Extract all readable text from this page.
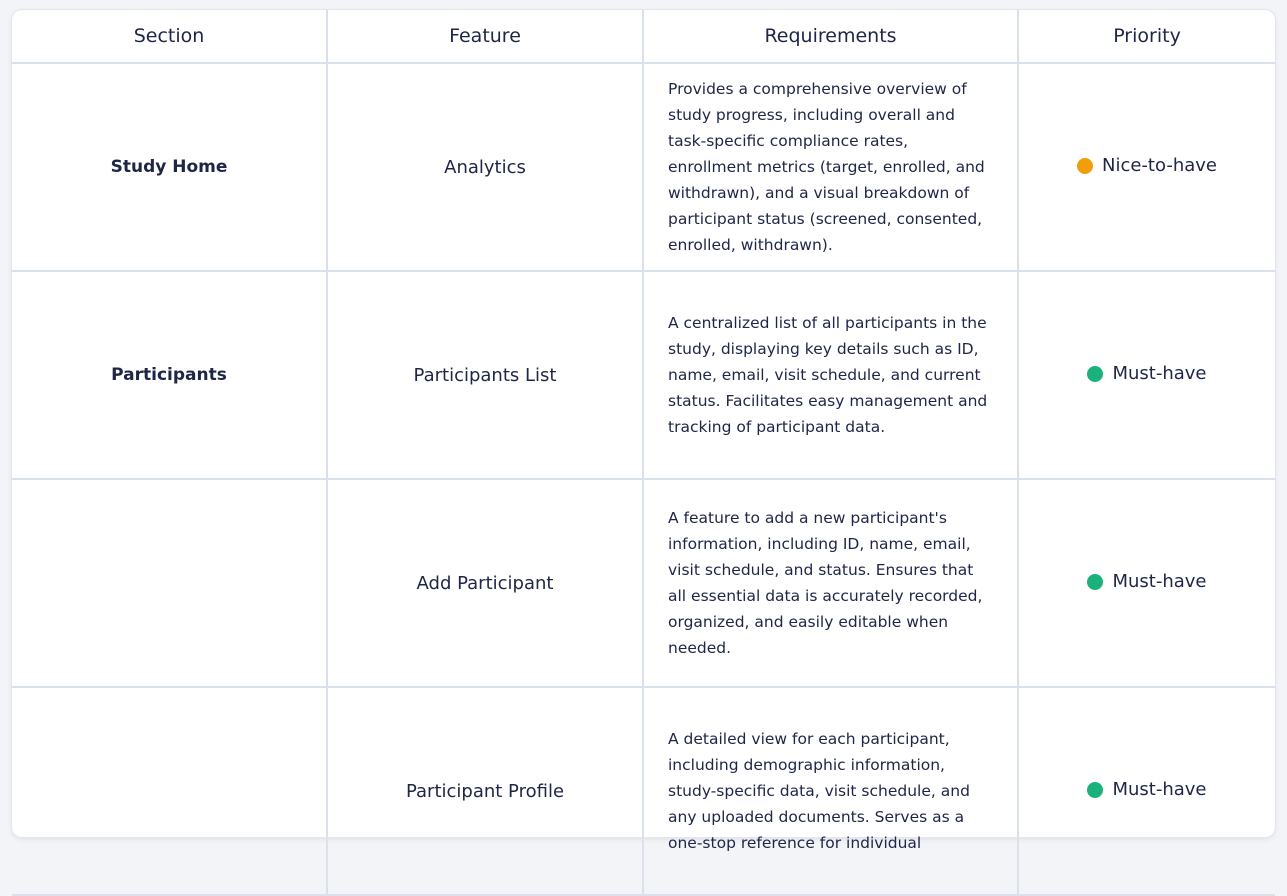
Section	Feature	Requirements	Priority
Study Home	Analytics	Provides a comprehensive overview of study progress, including overall and task-specific compliance rates, enrollment metrics (target, enrolled, and withdrawn), and a visual breakdown of participant status (screened, consented, enrolled, withdrawn).	Nice-to-have

Participants	Participants List	A centralized list of all participants in the study, displaying key details such as ID, name, email, visit schedule, and current status. Facilitates easy management and tracking of participant data.	Must-have

	Add Participant	A feature to add a new participant's information, including ID, name, email, visit schedule, and status. Ensures that all essential data is accurately recorded, organized, and easily editable when needed.	Must-have

	Participant Profile	A detailed view for each participant, including demographic information, study-specific data, visit schedule, and any uploaded documents. Serves as a one-stop reference for individual	Must-have
